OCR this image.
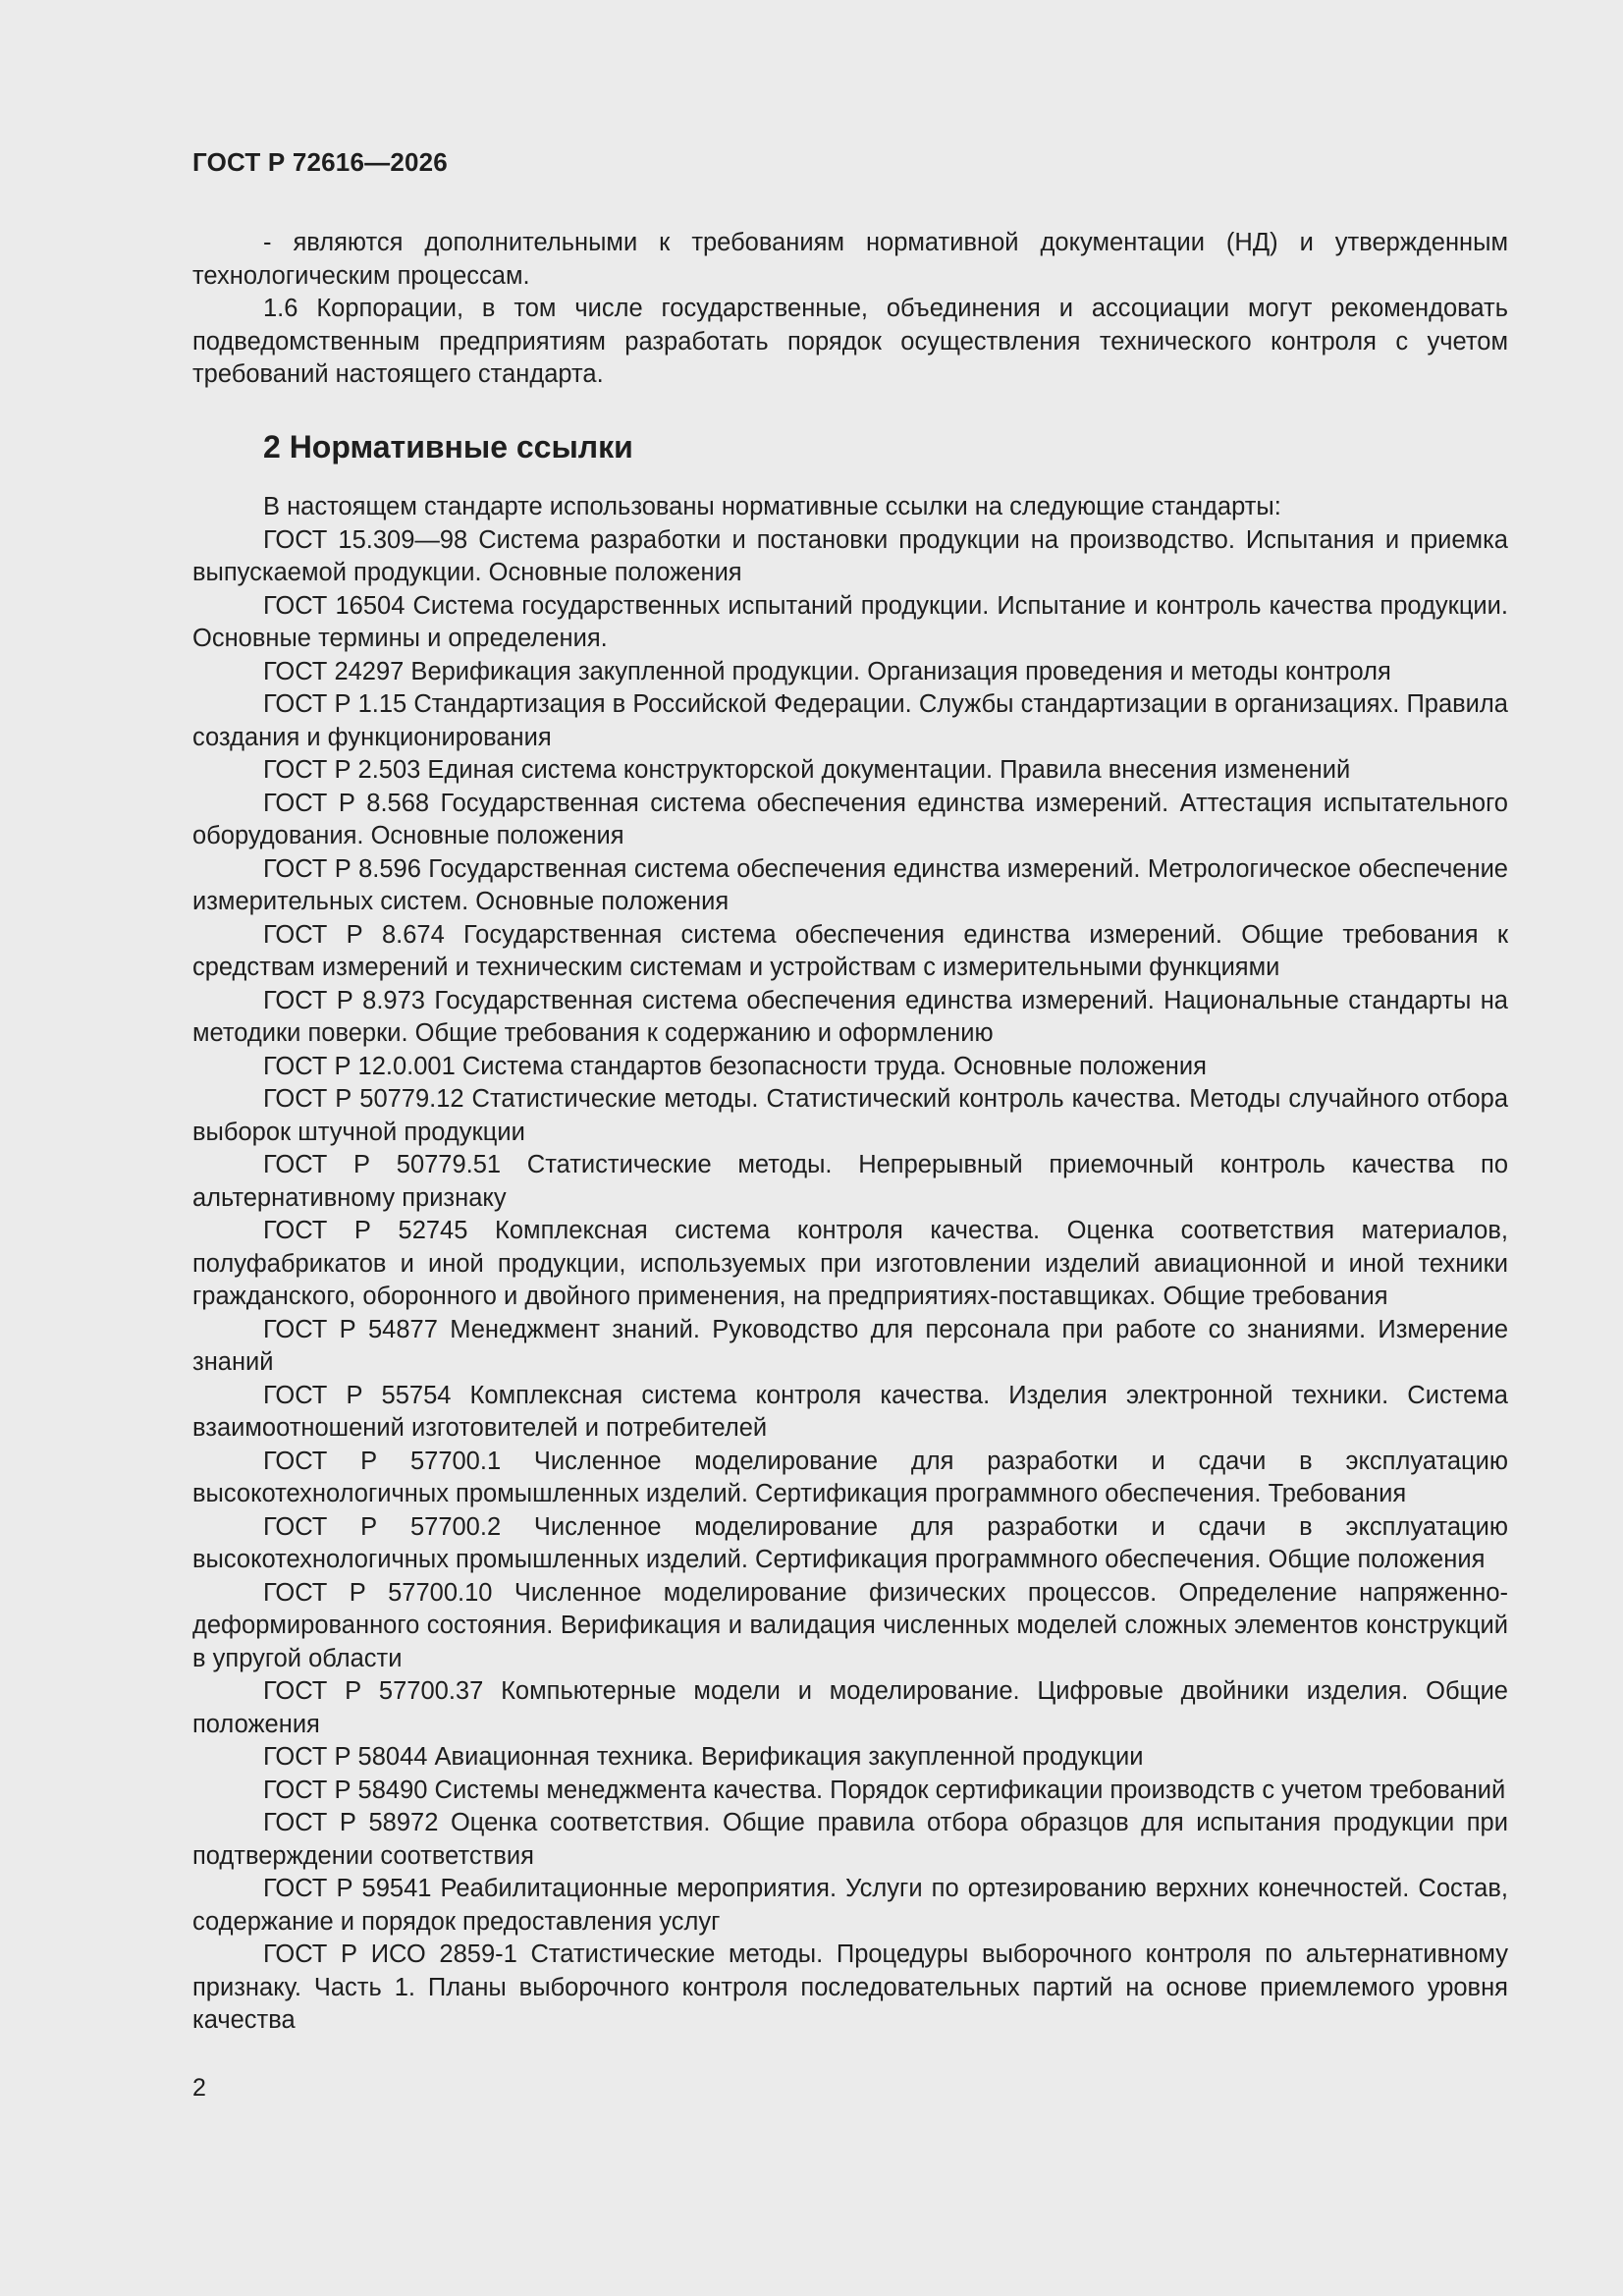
ГОСТ Р 72616—2026

- являются дополнительными к требованиям нормативной документации (НД) и утвержденным технологическим процессам.

1.6 Корпорации, в том числе государственные, объединения и ассоциации могут рекомендовать подведомственным предприятиям разработать порядок осуществления технического контроля с учетом требований настоящего стандарта.

2 Нормативные ссылки

В настоящем стандарте использованы нормативные ссылки на следующие стандарты:

ГОСТ 15.309—98 Система разработки и постановки продукции на производство. Испытания и приемка выпускаемой продукции. Основные положения

ГОСТ 16504 Система государственных испытаний продукции. Испытание и контроль качества продукции. Основные термины и определения.

ГОСТ 24297 Верификация закупленной продукции. Организация проведения и методы контроля

ГОСТ Р 1.15 Стандартизация в Российской Федерации. Службы стандартизации в организациях. Правила создания и функционирования

ГОСТ Р 2.503 Единая система конструкторской документации. Правила внесения изменений

ГОСТ Р 8.568 Государственная система обеспечения единства измерений. Аттестация испытательного оборудования. Основные положения

ГОСТ Р 8.596 Государственная система обеспечения единства измерений. Метрологическое обеспечение измерительных систем. Основные положения

ГОСТ Р 8.674 Государственная система обеспечения единства измерений. Общие требования к средствам измерений и техническим системам и устройствам с измерительными функциями

ГОСТ Р 8.973 Государственная система обеспечения единства измерений. Национальные стандарты на методики поверки. Общие требования к содержанию и оформлению

ГОСТ Р 12.0.001 Система стандартов безопасности труда. Основные положения

ГОСТ Р 50779.12 Статистические методы. Статистический контроль качества. Методы случайного отбора выборок штучной продукции

ГОСТ Р 50779.51 Статистические методы. Непрерывный приемочный контроль качества по альтернативному признаку

ГОСТ Р 52745 Комплексная система контроля качества. Оценка соответствия материалов, полуфабрикатов и иной продукции, используемых при изготовлении изделий авиационной и иной техники гражданского, оборонного и двойного применения, на предприятиях-поставщиках. Общие требования

ГОСТ Р 54877 Менеджмент знаний. Руководство для персонала при работе со знаниями. Измерение знаний

ГОСТ Р 55754 Комплексная система контроля качества. Изделия электронной техники. Система взаимоотношений изготовителей и потребителей

ГОСТ Р 57700.1 Численное моделирование для разработки и сдачи в эксплуатацию высокотехнологичных промышленных изделий. Сертификация программного обеспечения. Требования

ГОСТ Р 57700.2 Численное моделирование для разработки и сдачи в эксплуатацию высокотехнологичных промышленных изделий. Сертификация программного обеспечения. Общие положения

ГОСТ Р 57700.10 Численное моделирование физических процессов. Определение напряженно-деформированного состояния. Верификация и валидация численных моделей сложных элементов конструкций в упругой области

ГОСТ Р 57700.37 Компьютерные модели и моделирование. Цифровые двойники изделия. Общие положения

ГОСТ Р 58044 Авиационная техника. Верификация закупленной продукции

ГОСТ Р 58490 Системы менеджмента качества. Порядок сертификации производств с учетом требований

ГОСТ Р 58972 Оценка соответствия. Общие правила отбора образцов для испытания продукции при подтверждении соответствия

ГОСТ Р 59541 Реабилитационные мероприятия. Услуги по ортезированию верхних конечностей. Состав, содержание и порядок предоставления услуг

ГОСТ Р ИСО 2859-1 Статистические методы. Процедуры выборочного контроля по альтернативному признаку. Часть 1. Планы выборочного контроля последовательных партий на основе приемлемого уровня качества

2
